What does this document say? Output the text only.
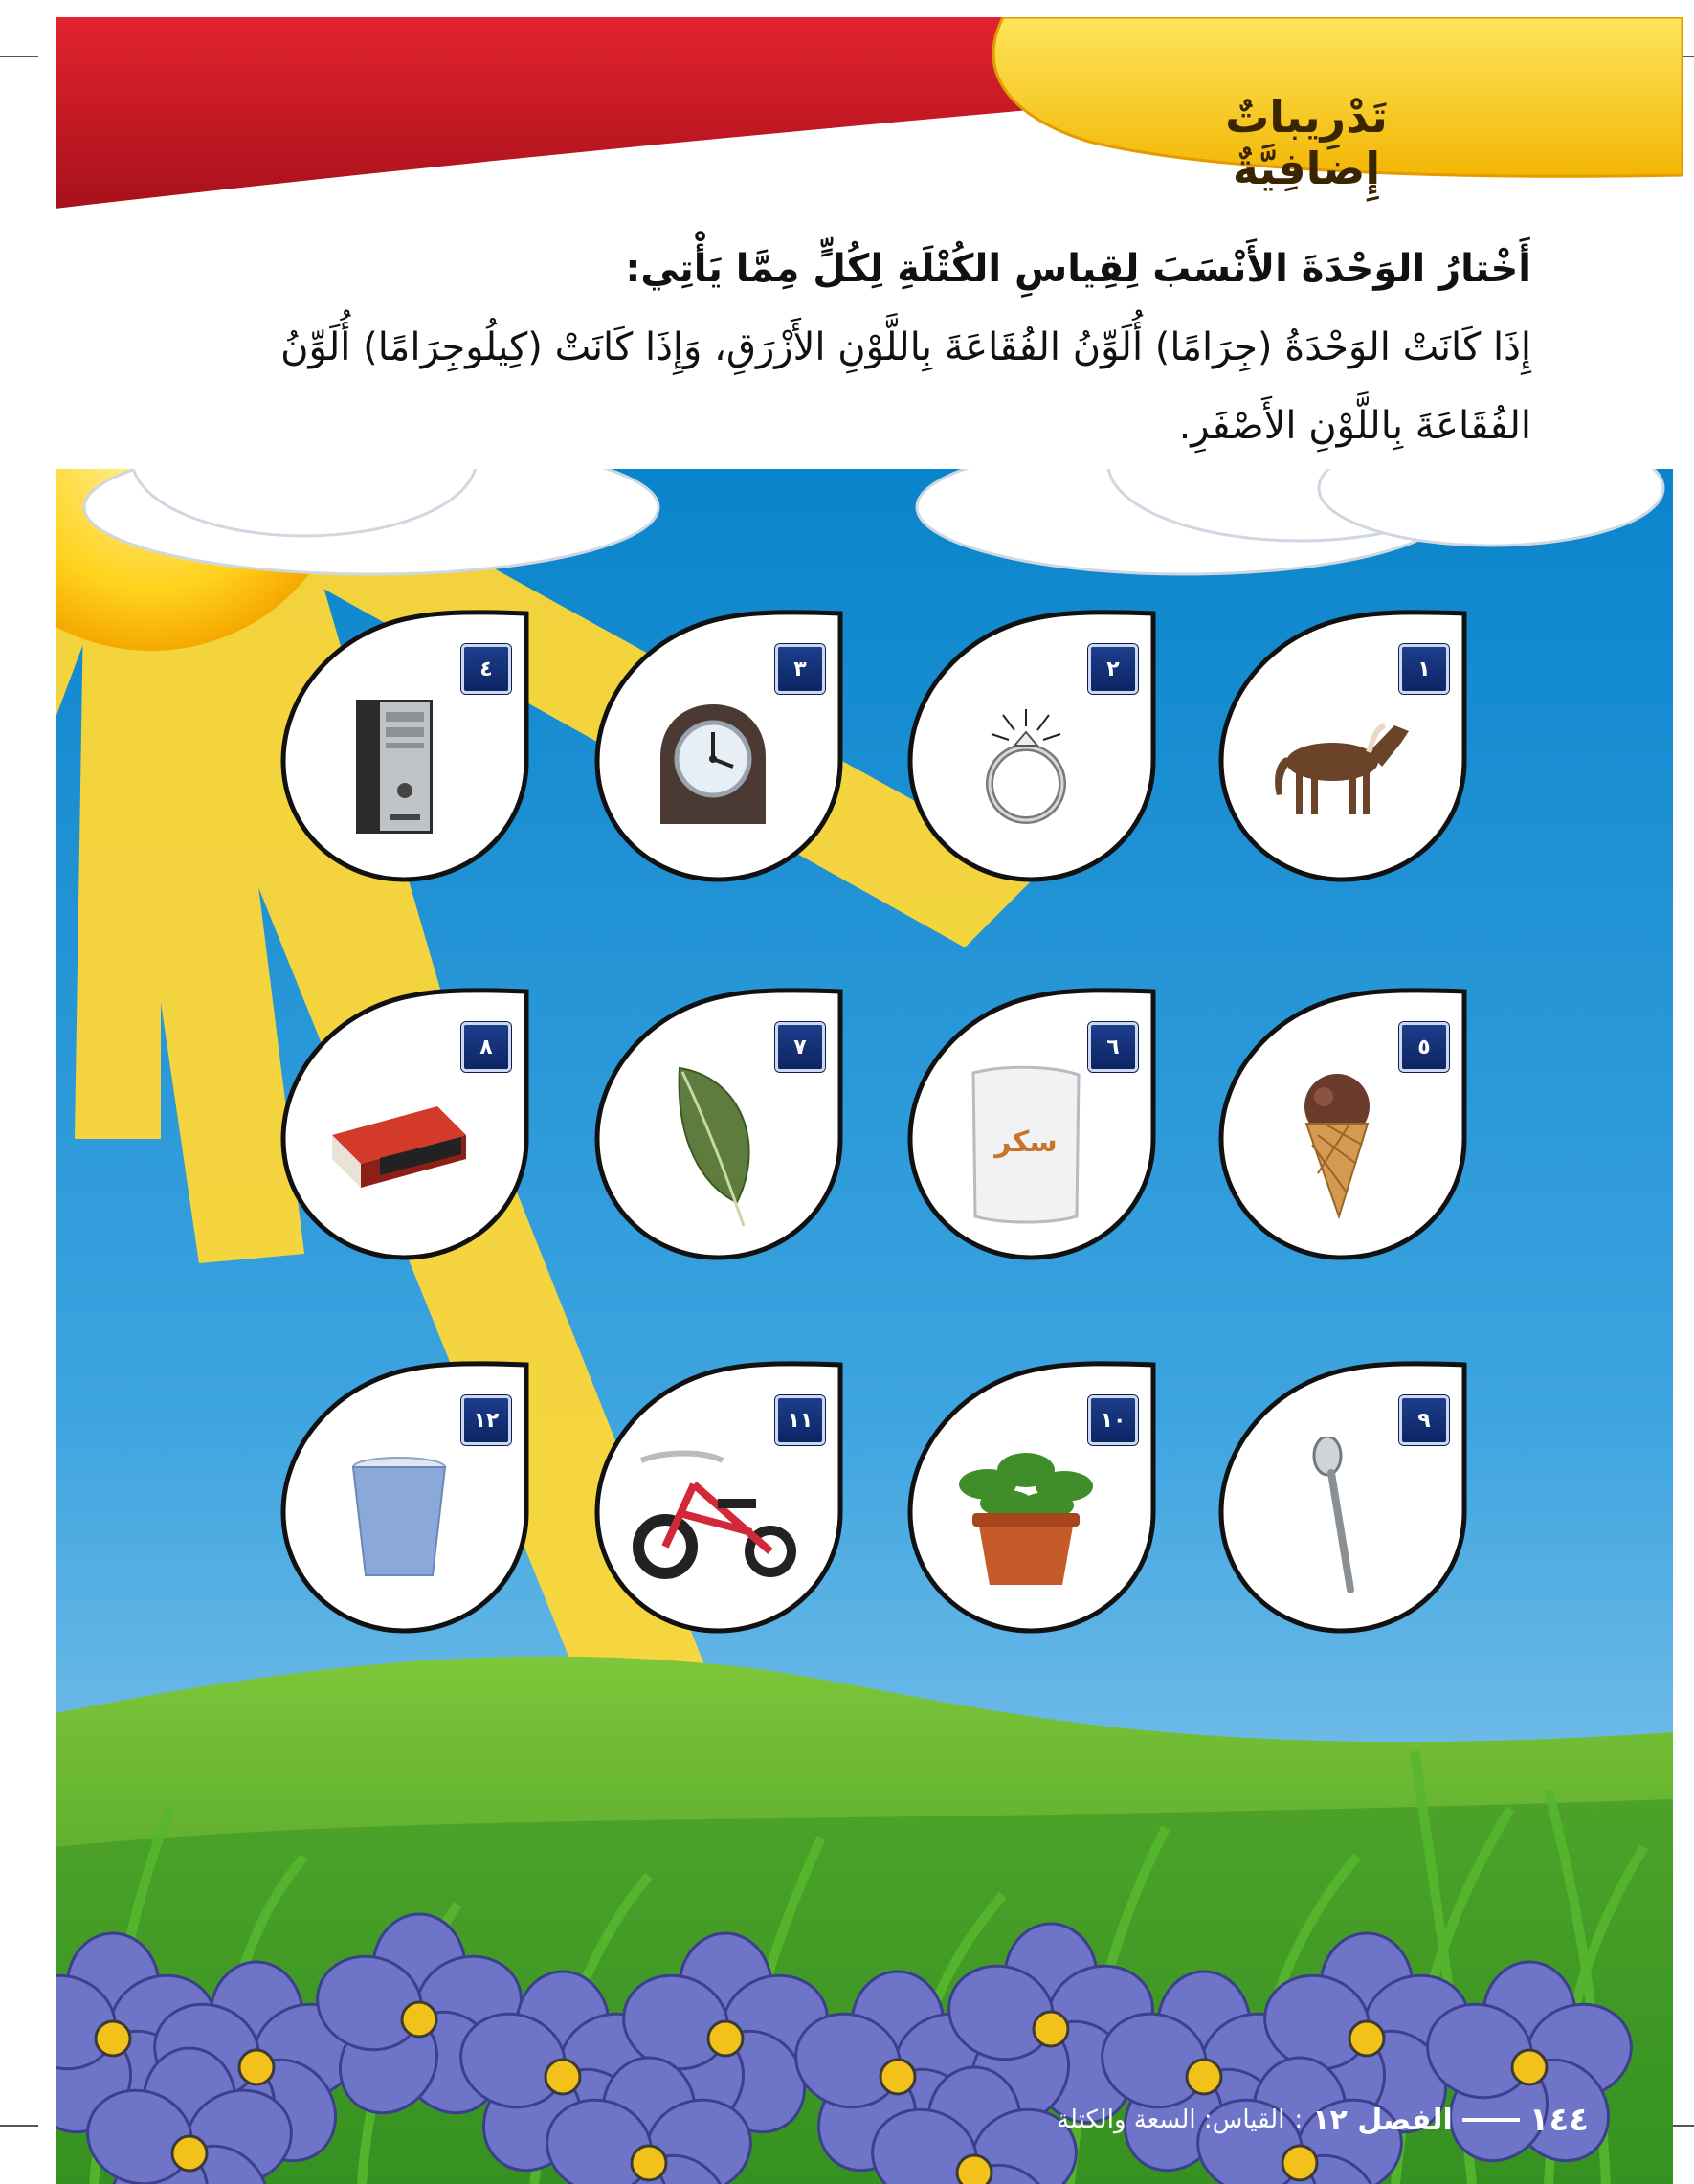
تَدْرِيباتٌ إِضافِيَّةٌ
أَخْتارُ الوَحْدَةَ الأَنْسَبَ لِقِياسِ الكُتْلَةِ لِكُلٍّ مِمَّا يَأْتِي:
إِذَا كَانَتْ الوَحْدَةُ (جِرَامًا) أُلَوِّنُ الفُقَاعَةَ بِاللَّوْنِ الأَزْرَقِ، وَإِذَا كَانَتْ (كِيلُوجِرَامًا) أُلَوِّنُ
الفُقَاعَةَ بِاللَّوْنِ الأَصْفَرِ.
١
٢
٣
٤
٥
٦
سكر
٧
٨
٩
١٠
١١
١٢
١٤٤
الفصل ١٢
:
القياس: السعة والكتلة
